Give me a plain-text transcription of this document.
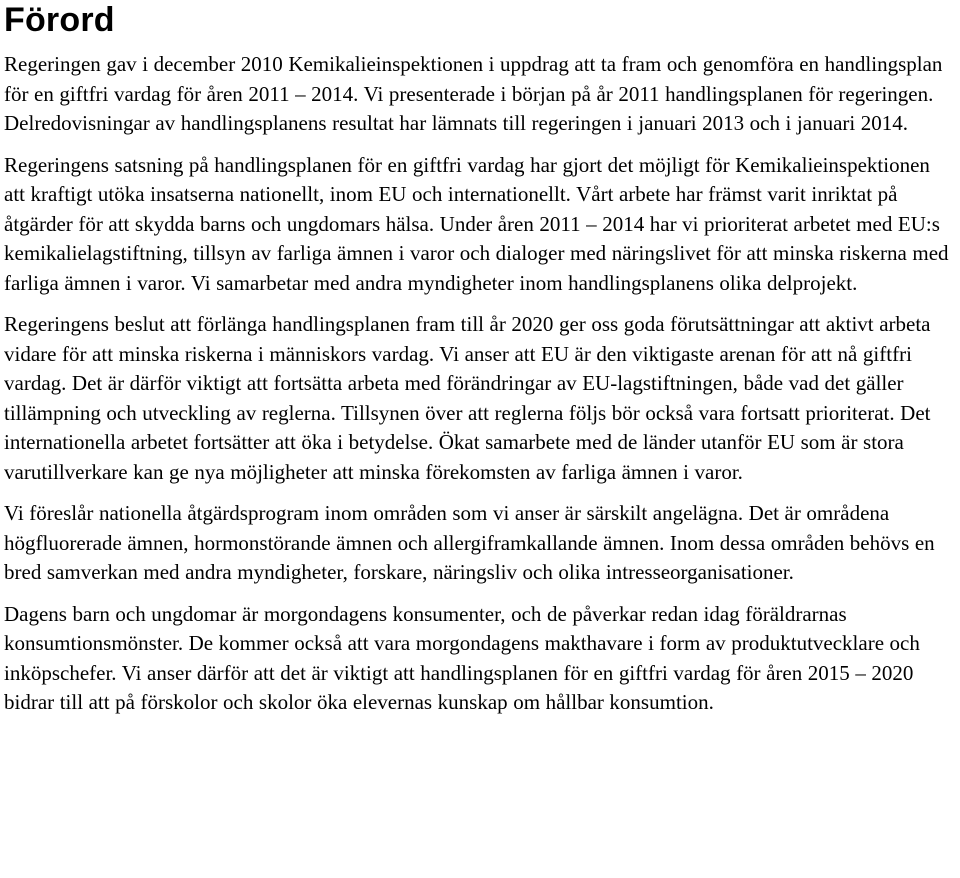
Förord

Regeringen gav i december 2010 Kemikalieinspektionen i uppdrag att ta fram och genomföra en handlingsplan för en giftfri vardag för åren 2011 – 2014. Vi presenterade i början på år 2011 handlingsplanen för regeringen. Delredovisningar av handlingsplanens resultat har lämnats till regeringen i januari 2013 och i januari 2014.

Regeringens satsning på handlingsplanen för en giftfri vardag har gjort det möjligt för Kemikalieinspektionen att kraftigt utöka insatserna nationellt, inom EU och internationellt. Vårt arbete har främst varit inriktat på åtgärder för att skydda barns och ungdomars hälsa. Under åren 2011 – 2014 har vi prioriterat arbetet med EU:s kemikalielagstiftning, tillsyn av farliga ämnen i varor och dialoger med näringslivet för att minska riskerna med farliga ämnen i varor. Vi samarbetar med andra myndigheter inom handlingsplanens olika delprojekt.

Regeringens beslut att förlänga handlingsplanen fram till år 2020 ger oss goda förutsättningar att aktivt arbeta vidare för att minska riskerna i människors vardag. Vi anser att EU är den viktigaste arenan för att nå giftfri vardag. Det är därför viktigt att fortsätta arbeta med förändringar av EU-lagstiftningen, både vad det gäller tillämpning och utveckling av reglerna. Tillsynen över att reglerna följs bör också vara fortsatt prioriterat. Det internationella arbetet fortsätter att öka i betydelse. Ökat samarbete med de länder utanför EU som är stora varutillverkare kan ge nya möjligheter att minska förekomsten av farliga ämnen i varor.

Vi föreslår nationella åtgärdsprogram inom områden som vi anser är särskilt angelägna. Det är områdena högfluorerade ämnen, hormonstörande ämnen och allergiframkallande ämnen. Inom dessa områden behövs en bred samverkan med andra myndigheter, forskare, näringsliv och olika intresseorganisationer.

Dagens barn och ungdomar är morgondagens konsumenter, och de påverkar redan idag föräldrarnas konsumtionsmönster. De kommer också att vara morgondagens makthavare i form av produktutvecklare och inköpschefer. Vi anser därför att det är viktigt att handlingsplanen för en giftfri vardag för åren 2015 – 2020 bidrar till att på förskolor och skolor öka elevernas kunskap om hållbar konsumtion.
